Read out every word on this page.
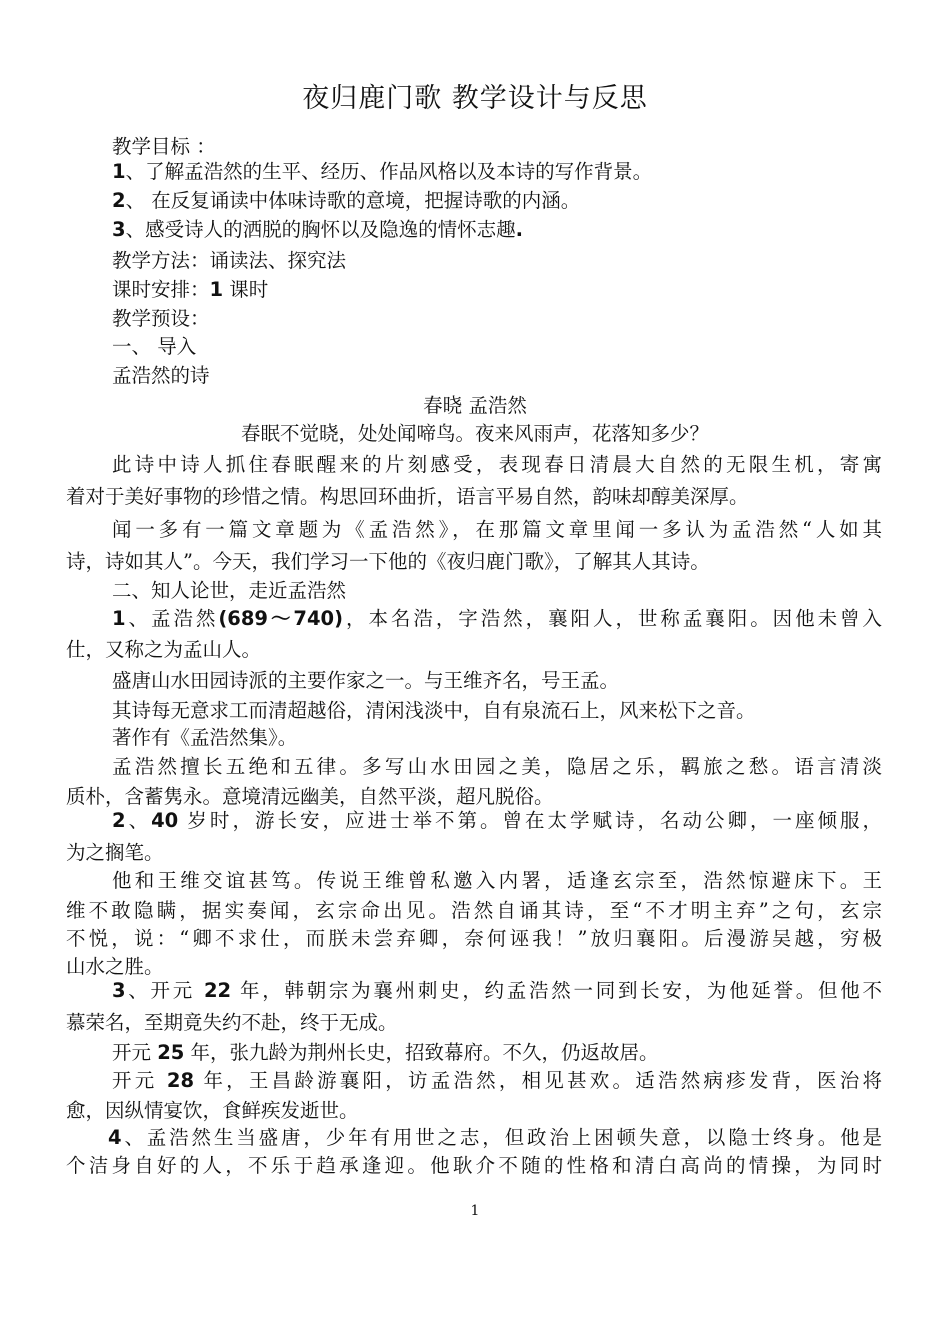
夜归鹿门歌 教学设计与反思
教学目标 ：
1、了解孟浩然的生平、经历、作品风格以及本诗的写作背景。
2、 在反复诵读中体味诗歌的意境，把握诗歌的内涵。
3、感受诗人的洒脱的胸怀以及隐逸的情怀志趣.
教学方法：诵读法、探究法
课时安排：1 课时
教学预设：
一、 导入
孟浩然的诗
春晓 孟浩然
春眠不觉晓，处处闻啼鸟。夜来风雨声，花落知多少？
此诗中诗人抓住春眠醒来的片刻感受，表现春日清晨大自然的无限生机，寄寓
着对于美好事物的珍惜之情。构思回环曲折，语言平易自然，韵味却醇美深厚。
闻一多有一篇文章题为《孟浩然》，在那篇文章里闻一多认为孟浩然“人如其
诗，诗如其人”。今天，我们学习一下他的《夜归鹿门歌》，了解其人其诗。
二、知人论世，走近孟浩然
1、孟浩然(689～740)，本名浩，字浩然，襄阳人，世称孟襄阳。因他未曾入
仕，又称之为孟山人。
盛唐山水田园诗派的主要作家之一。与王维齐名，号王孟。
其诗每无意求工而清超越俗，清闲浅淡中，自有泉流石上，风来松下之音。
著作有《孟浩然集》。
孟浩然擅长五绝和五律。多写山水田园之美，隐居之乐，羁旅之愁。语言清淡
质朴，含蓄隽永。意境清远幽美，自然平淡，超凡脱俗。
2、40 岁时，游长安，应进士举不第。曾在太学赋诗，名动公卿，一座倾服，
为之搁笔。
他和王维交谊甚笃。传说王维曾私邀入内署，适逢玄宗至，浩然惊避床下。王
维不敢隐瞒，据实奏闻，玄宗命出见。浩然自诵其诗，至“不才明主弃”之句，玄宗
不悦，说：“卿不求仕，而朕未尝弃卿，奈何诬我！”放归襄阳。后漫游吴越，穷极
山水之胜。
3、开元 22 年，韩朝宗为襄州刺史，约孟浩然一同到长安，为他延誉。但他不
慕荣名，至期竟失约不赴，终于无成。
开元 25 年，张九龄为荆州长史，招致幕府。不久，仍返故居。
开元 28 年，王昌龄游襄阳，访孟浩然，相见甚欢。适浩然病疹发背，医治将
愈，因纵情宴饮，食鲜疾发逝世。
4、孟浩然生当盛唐，少年有用世之志，但政治上困顿失意，以隐士终身。他是
个洁身自好的人，不乐于趋承逢迎。他耿介不随的性格和清白高尚的情操，为同时
1
